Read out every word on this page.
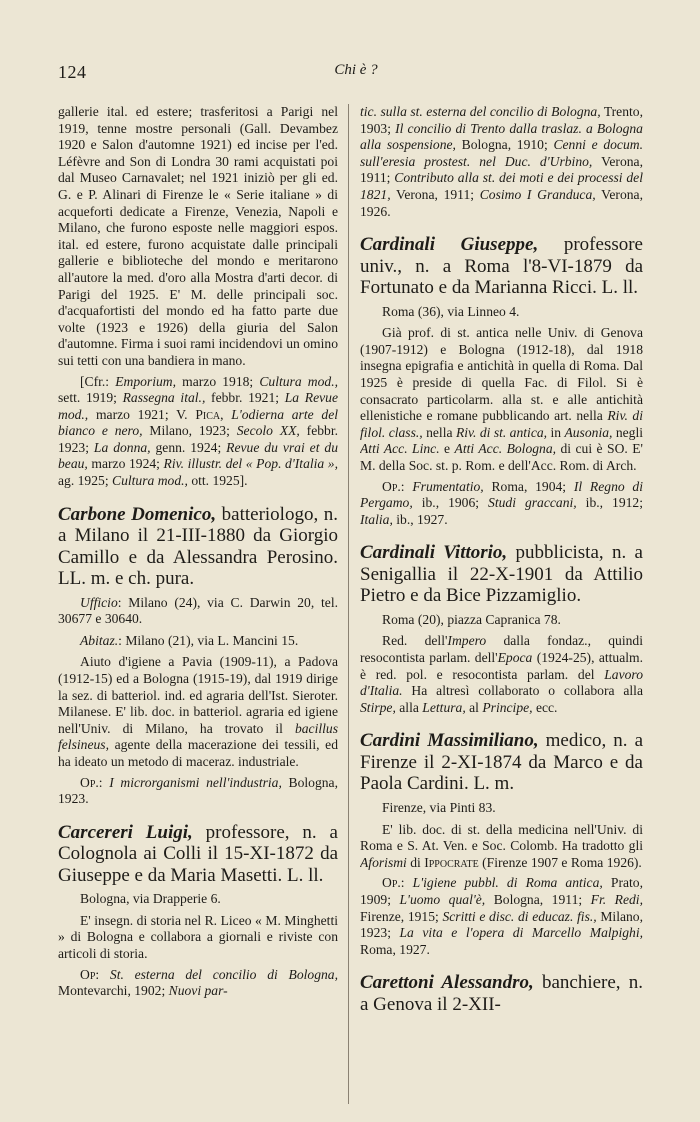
124	Chi è ?

gallerie ital. ed estere; trasferitosi a Parigi nel 1919, tenne mostre personali (Gall. Devambez 1920 e Salon d'automne 1921) ed incise per l'ed. Léfèvre and Son di Londra 30 rami acquistati poi dal Museo Carnavalet; nel 1921 iniziò per gli ed. G. e P. Alinari di Firenze le « Serie italiane » di acqueforti dedicate a Firenze, Venezia, Napoli e Milano, che furono esposte nelle maggiori espos. ital. ed estere, furono acquistate dalle principali gallerie e biblioteche del mondo e meritarono all'autore la med. d'oro alla Mostra d'arti decor. di Parigi del 1925. E' M. delle principali soc. d'acquafortisti del mondo ed ha fatto parte due volte (1923 e 1926) della giuria del Salon d'automne. Firma i suoi rami incidendovi un omino sui tetti con una bandiera in mano.

[Cfr.: Emporium, marzo 1918; Cultura mod., sett. 1919; Rassegna ital., febbr. 1921; La Revue mod., marzo 1921; V. Pica, L'odierna arte del bianco e nero, Milano, 1923; Secolo XX, febbr. 1923; La donna, genn. 1924; Revue du vrai et du beau, marzo 1924; Riv. illustr. del « Pop. d'Italia », ag. 1925; Cultura mod., ott. 1925].

Carbone Domenico, batteriologo, n. a Milano il 21-III-1880 da Giorgio Camillo e da Alessandra Perosino. LL. m. e ch. pura.

Ufficio: Milano (24), via C. Darwin 20, tel. 30677 e 30640.

Abitaz.: Milano (21), via L. Mancini 15.

Aiuto d'igiene a Pavia (1909-11), a Padova (1912-15) ed a Bologna (1915-19), dal 1919 dirige la sez. di batteriol. ind. ed agraria dell'Ist. Sieroter. Milanese. E' lib. doc. in batteriol. agraria ed igiene nell'Univ. di Milano, ha trovato il bacillus felsineus, agente della macerazione dei tessili, ed ha ideato un metodo di maceraz. industriale.

Op.: I microrganismi nell'industria, Bologna, 1923.

Carcereri Luigi, professore, n. a Colognola ai Colli il 15-XI-1872 da Giuseppe e da Maria Masetti. L. ll.

Bologna, via Drapperie 6.

E' insegn. di storia nel R. Liceo « M. Minghetti » di Bologna e collabora a giornali e riviste con articoli di storia.

Op: St. esterna del concilio di Bologna, Montevarchi, 1902; Nuovi par-

tic. sulla st. esterna del concilio di Bologna, Trento, 1903; Il concilio di Trento dalla traslaz. a Bologna alla sospensione, Bologna, 1910; Cenni e docum. sull'eresia prostest. nel Duc. d'Urbino, Verona, 1911; Contributo alla st. dei moti e dei processi del 1821, Verona, 1911; Cosimo I Granduca, Verona, 1926.

Cardinali Giuseppe, professore univ., n. a Roma l'8-VI-1879 da Fortunato e da Marianna Ricci. L. ll.

Roma (36), via Linneo 4.

Già prof. di st. antica nelle Univ. di Genova (1907-1912) e Bologna (1912-18), dal 1918 insegna epigrafia e antichità in quella di Roma. Dal 1925 è preside di quella Fac. di Filol. Si è consacrato particolarm. alla st. e alle antichità ellenistiche e romane pubblicando art. nella Riv. di filol. class., nella Riv. di st. antica, in Ausonia, negli Atti Acc. Linc. e Atti Acc. Bologna, di cui è SO. E' M. della Soc. st. p. Rom. e dell'Acc. Rom. di Arch.

Op.: Frumentatio, Roma, 1904; Il Regno di Pergamo, ib., 1906; Studi graccani, ib., 1912; Italia, ib., 1927.

Cardinali Vittorio, pubblicista, n. a Senigallia il 22-X-1901 da Attilio Pietro e da Bice Pizzamiglio.

Roma (20), piazza Capranica 78.

Red. dell'Impero dalla fondaz., quindi resocontista parlam. dell'Epoca (1924-25), attualm. è red. pol. e resocontista parlam. del Lavoro d'Italia. Ha altresì collaborato o collabora alla Stirpe, alla Lettura, al Principe, ecc.

Cardini Massimiliano, medico, n. a Firenze il 2-XI-1874 da Marco e da Paola Cardini. L. m.

Firenze, via Pinti 83.

E' lib. doc. di st. della medicina nell'Univ. di Roma e S. At. Ven. e Soc. Colomb. Ha tradotto gli Aforismi di Ippocrate (Firenze 1907 e Roma 1926).

Op.: L'igiene pubbl. di Roma antica, Prato, 1909; L'uomo qual'è, Bologna, 1911; Fr. Redi, Firenze, 1915; Scritti e disc. di educaz. fis., Milano, 1923; La vita e l'opera di Marcello Malpighi, Roma, 1927.

Carettoni Alessandro, banchiere, n. a Genova il 2-XII-
